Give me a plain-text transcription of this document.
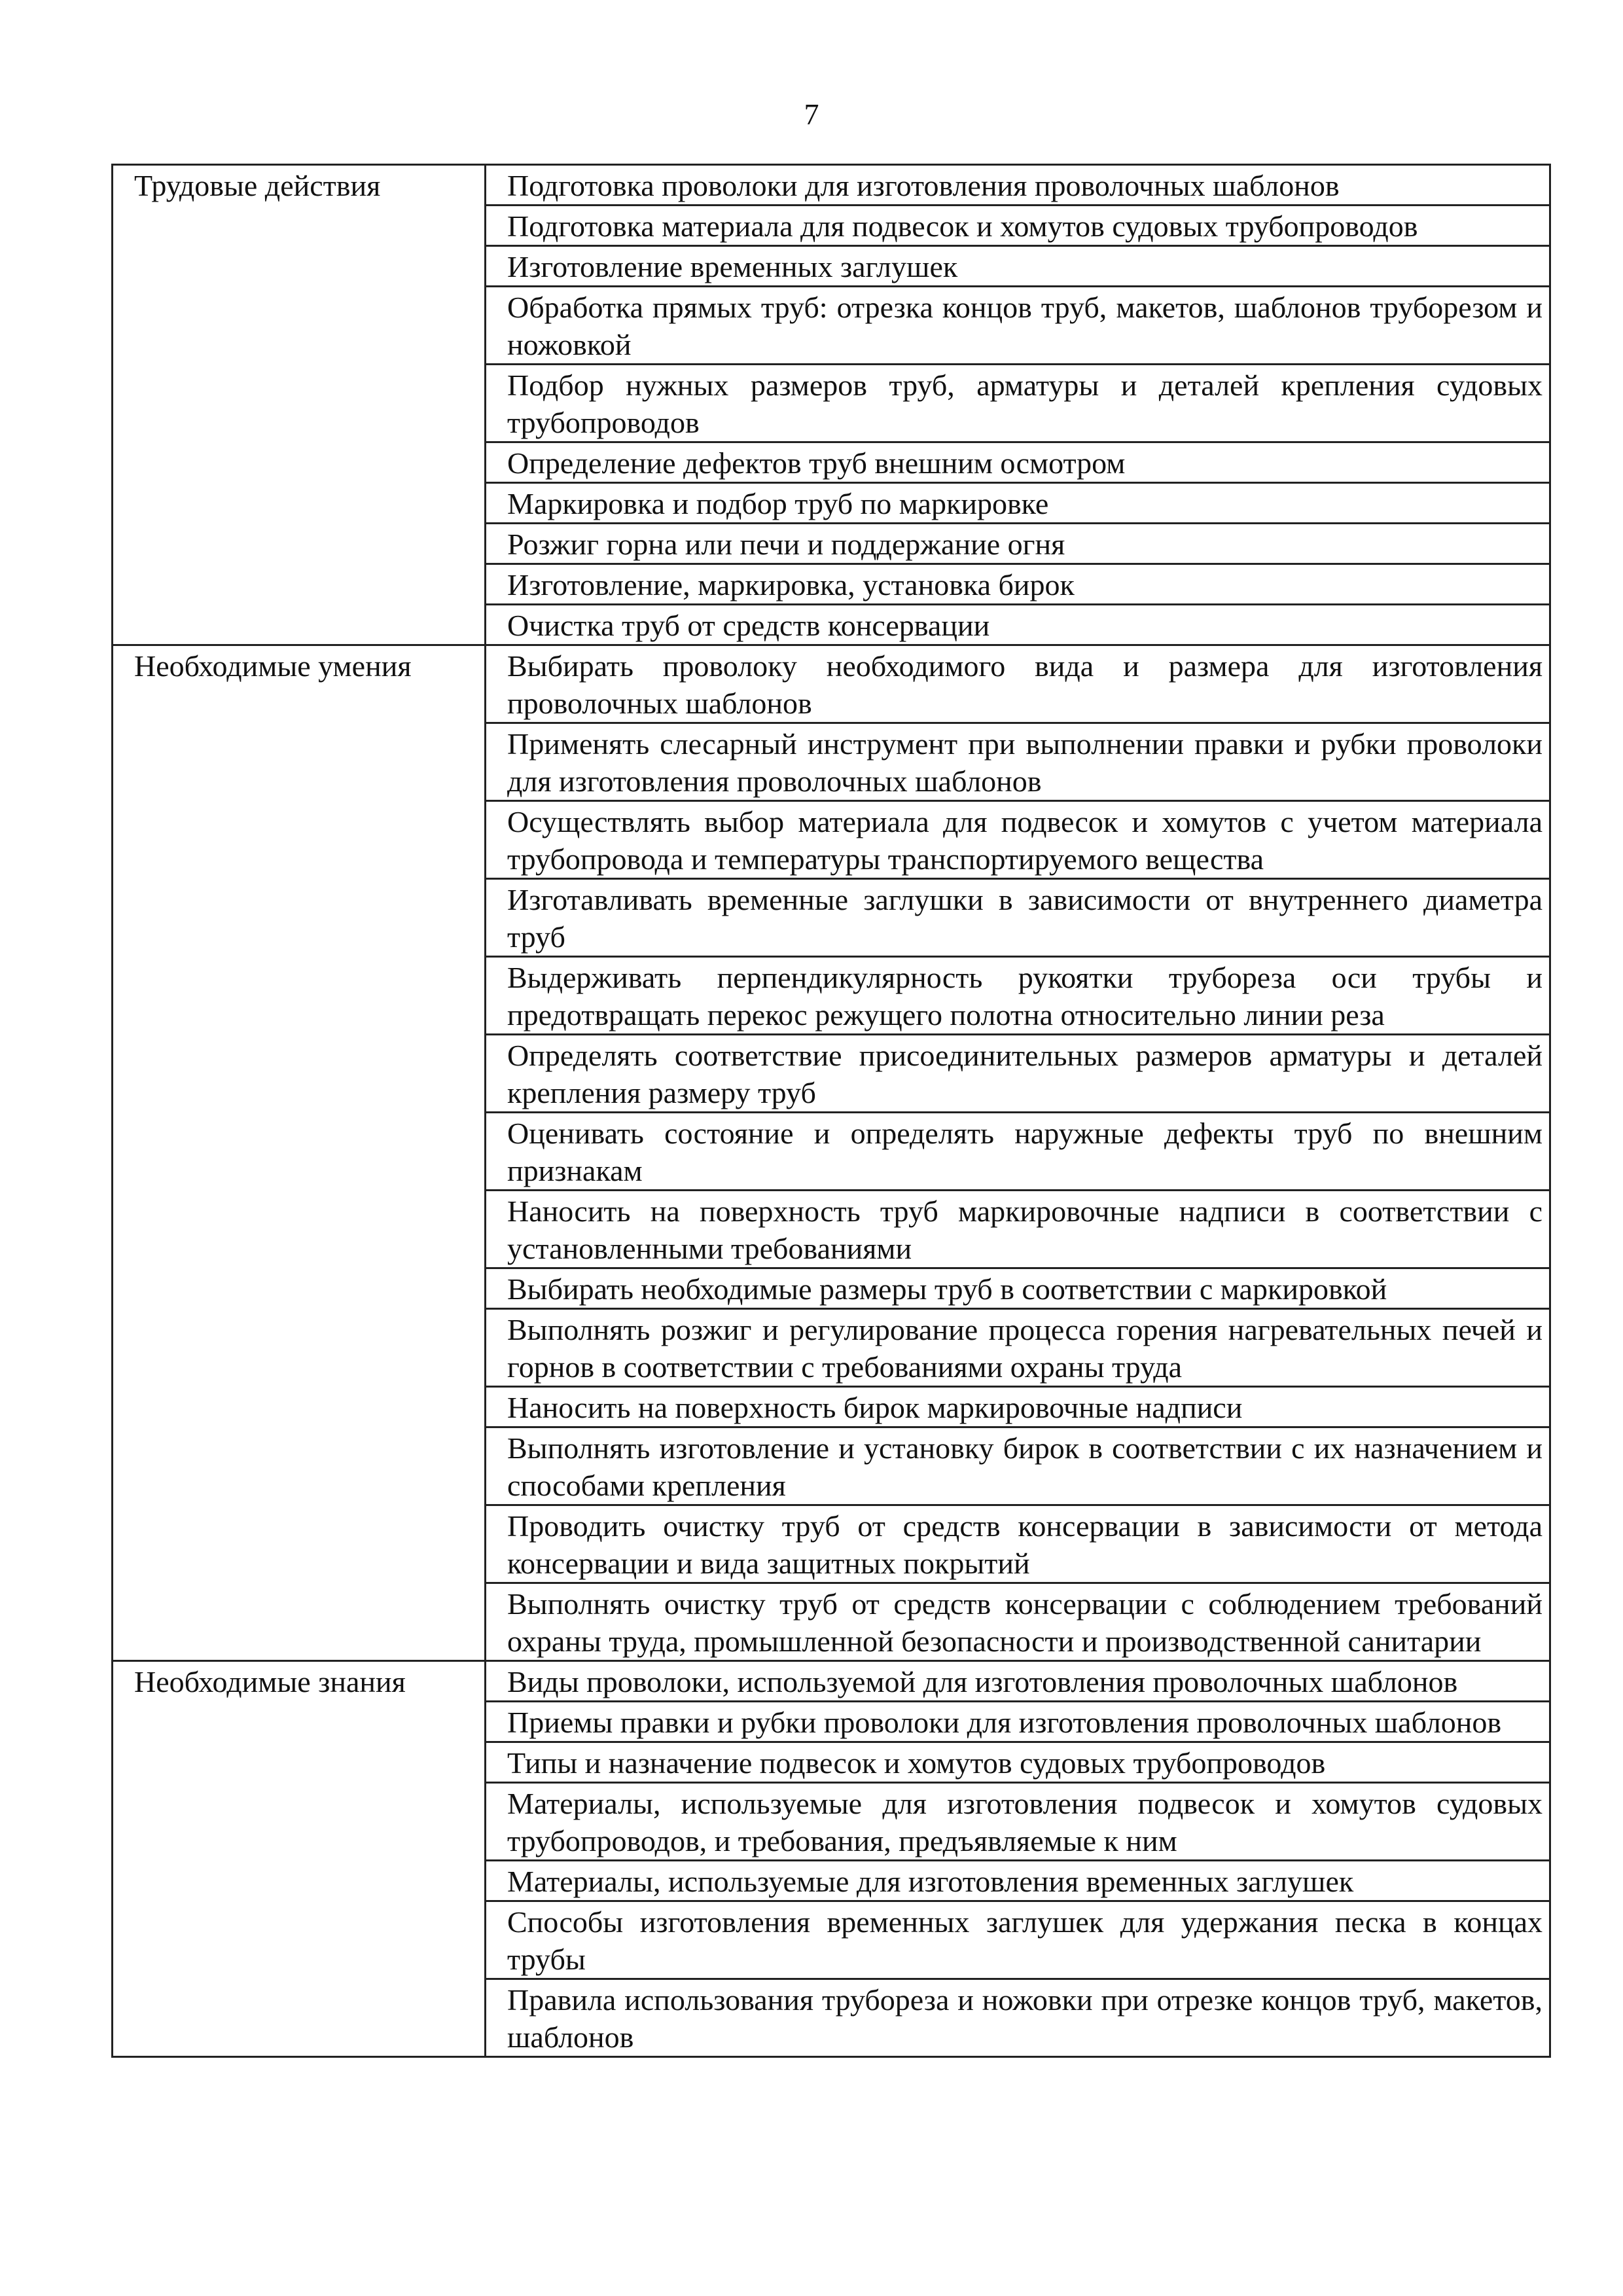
7
Трудовые действия	Подготовка проволоки для изготовления проволочных шаблонов
	Подготовка материала для подвесок и хомутов судовых трубопроводов
	Изготовление временных заглушек
	Обработка прямых труб: отрезка концов труб, макетов, шаблонов труборезом и ножовкой
	Подбор нужных размеров труб, арматуры и деталей крепления судовых трубопроводов
	Определение дефектов труб внешним осмотром
	Маркировка и подбор труб по маркировке
	Розжиг горна или печи и поддержание огня
	Изготовление, маркировка, установка бирок
	Очистка труб от средств консервации
Необходимые умения	Выбирать проволоку необходимого вида и размера для изготовления проволочных шаблонов
	Применять слесарный инструмент при выполнении правки и рубки проволоки для изготовления проволочных шаблонов
	Осуществлять выбор материала для подвесок и хомутов с учетом материала трубопровода и температуры транспортируемого вещества
	Изготавливать временные заглушки в зависимости от внутреннего диаметра труб
	Выдерживать перпендикулярность рукоятки трубореза оси трубы и предотвращать перекос режущего полотна относительно линии реза
	Определять соответствие присоединительных размеров арматуры и деталей крепления размеру труб
	Оценивать состояние и определять наружные дефекты труб по внешним признакам
	Наносить на поверхность труб маркировочные надписи в соответствии с установленными требованиями
	Выбирать необходимые размеры труб в соответствии с маркировкой
	Выполнять розжиг и регулирование процесса горения нагревательных печей и горнов в соответствии с требованиями охраны труда
	Наносить на поверхность бирок маркировочные надписи
	Выполнять изготовление и установку бирок в соответствии с их назначением и способами крепления
	Проводить очистку труб от средств консервации в зависимости от метода консервации и вида защитных покрытий
	Выполнять очистку труб от средств консервации с соблюдением требований охраны труда, промышленной безопасности и производственной санитарии
Необходимые знания	Виды проволоки, используемой для изготовления проволочных шаблонов
	Приемы правки и рубки проволоки для изготовления проволочных шаблонов
	Типы и назначение подвесок и хомутов судовых трубопроводов
	Материалы, используемые для изготовления подвесок и хомутов судовых трубопроводов, и требования, предъявляемые к ним
	Материалы, используемые для изготовления временных заглушек
	Способы изготовления временных заглушек для удержания песка в концах трубы
	Правила использования трубореза и ножовки при отрезке концов труб, макетов, шаблонов
